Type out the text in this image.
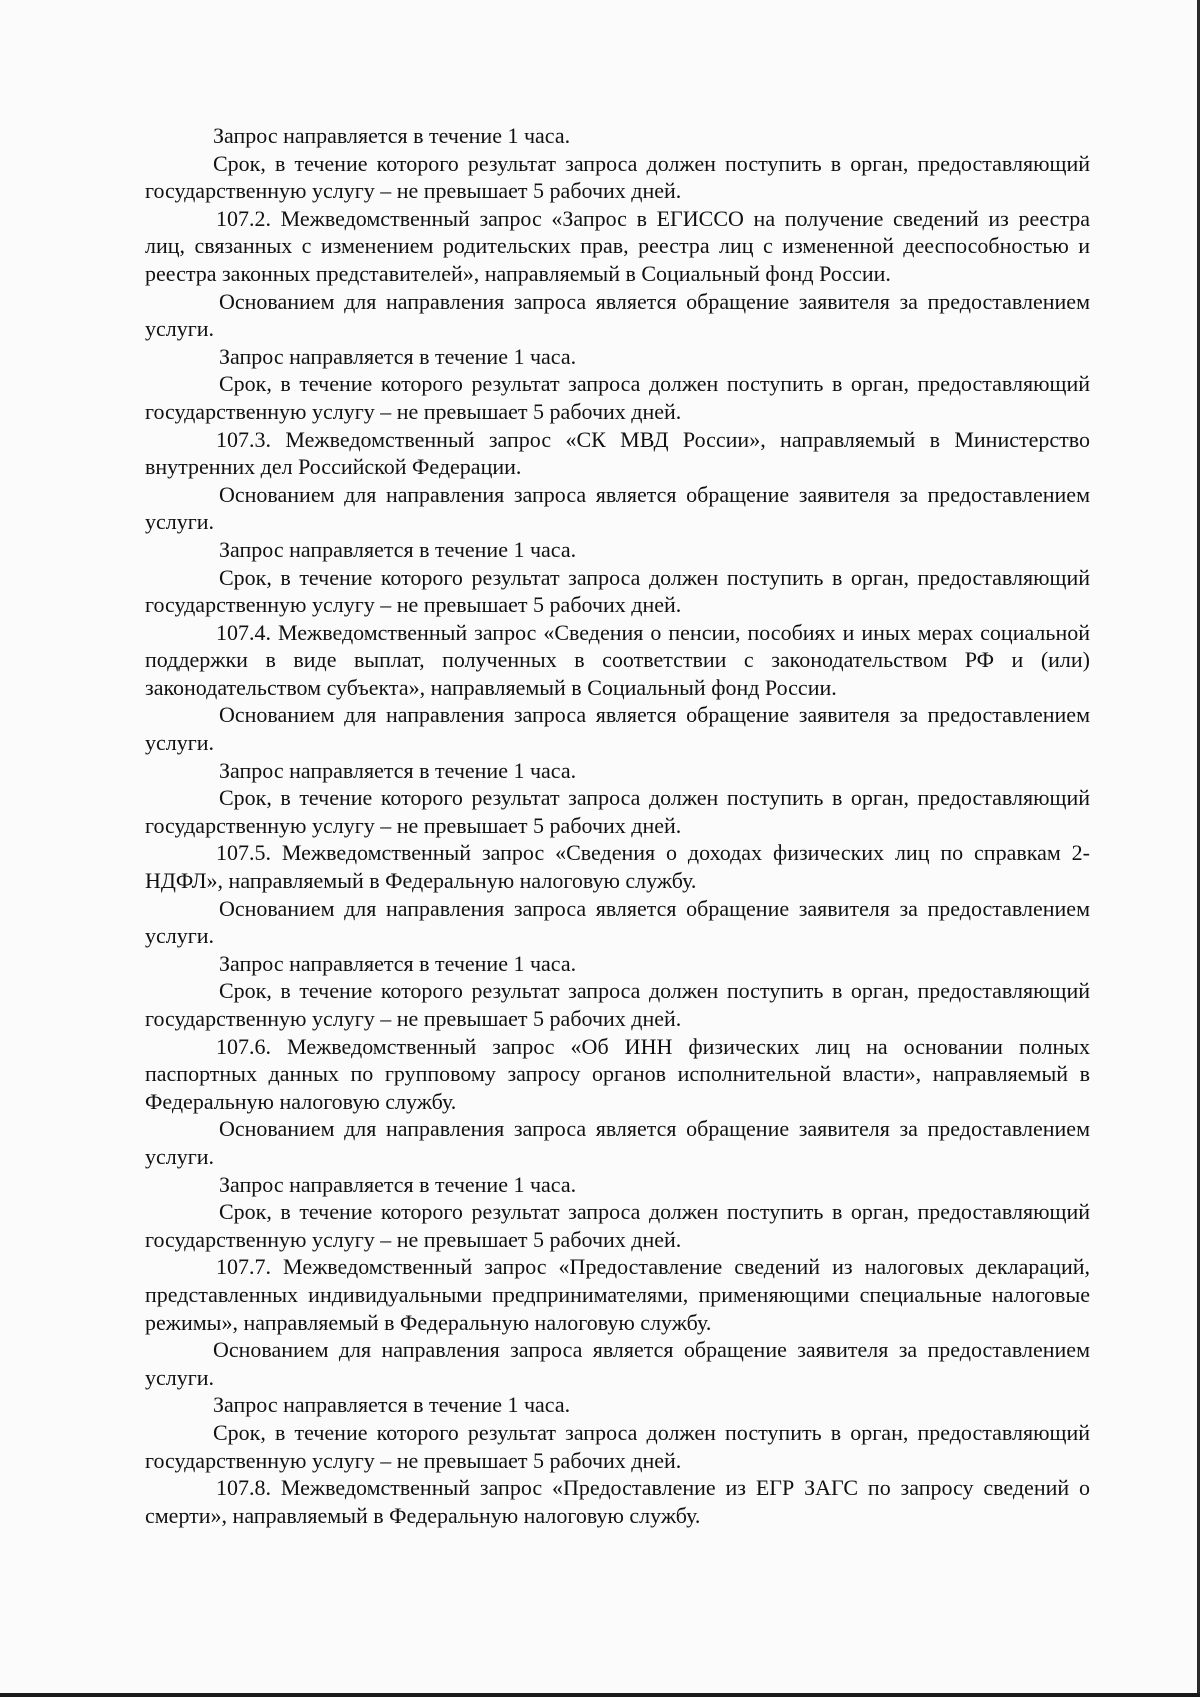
Запрос направляется в течение 1 часа.

Срок, в течение которого результат запроса должен поступить в орган, предоставляющий государственную услугу – не превышает 5 рабочих дней.

107.2. Межведомственный запрос «Запрос в ЕГИССО на получение сведений из реестра лиц, связанных с изменением родительских прав, реестра лиц с измененной дееспособностью и реестра законных представителей», направляемый в Социальный фонд России.

Основанием для направления запроса является обращение заявителя за предоставлением услуги.

Запрос направляется в течение 1 часа.

Срок, в течение которого результат запроса должен поступить в орган, предоставляющий государственную услугу – не превышает 5 рабочих дней.

107.3. Межведомственный запрос «СК МВД России», направляемый в Министерство внутренних дел Российской Федерации.

Основанием для направления запроса является обращение заявителя за предоставлением услуги.

Запрос направляется в течение 1 часа.

Срок, в течение которого результат запроса должен поступить в орган, предоставляющий государственную услугу – не превышает 5 рабочих дней.

107.4. Межведомственный запрос «Сведения о пенсии, пособиях и иных мерах социальной поддержки в виде выплат, полученных в соответствии с законодательством РФ и (или) законодательством субъекта», направляемый в Социальный фонд России.

Основанием для направления запроса является обращение заявителя за предоставлением услуги.

Запрос направляется в течение 1 часа.

Срок, в течение которого результат запроса должен поступить в орган, предоставляющий государственную услугу – не превышает 5 рабочих дней.

107.5. Межведомственный запрос «Сведения о доходах физических лиц по справкам 2-НДФЛ», направляемый в Федеральную налоговую службу.

Основанием для направления запроса является обращение заявителя за предоставлением услуги.

Запрос направляется в течение 1 часа.

Срок, в течение которого результат запроса должен поступить в орган, предоставляющий государственную услугу – не превышает 5 рабочих дней.

107.6. Межведомственный запрос «Об ИНН физических лиц на основании полных паспортных данных по групповому запросу органов исполнительной власти», направляемый в Федеральную налоговую службу.

Основанием для направления запроса является обращение заявителя за предоставлением услуги.

Запрос направляется в течение 1 часа.

Срок, в течение которого результат запроса должен поступить в орган, предоставляющий государственную услугу – не превышает 5 рабочих дней.

107.7. Межведомственный запрос «Предоставление сведений из налоговых деклараций, представленных индивидуальными предпринимателями, применяющими специальные налоговые режимы», направляемый в Федеральную налоговую службу.

Основанием для направления запроса является обращение заявителя за предоставлением услуги.

Запрос направляется в течение 1 часа.

Срок, в течение которого результат запроса должен поступить в орган, предоставляющий государственную услугу – не превышает 5 рабочих дней.

107.8. Межведомственный запрос «Предоставление из ЕГР ЗАГС по запросу сведений о смерти», направляемый в Федеральную налоговую службу.
